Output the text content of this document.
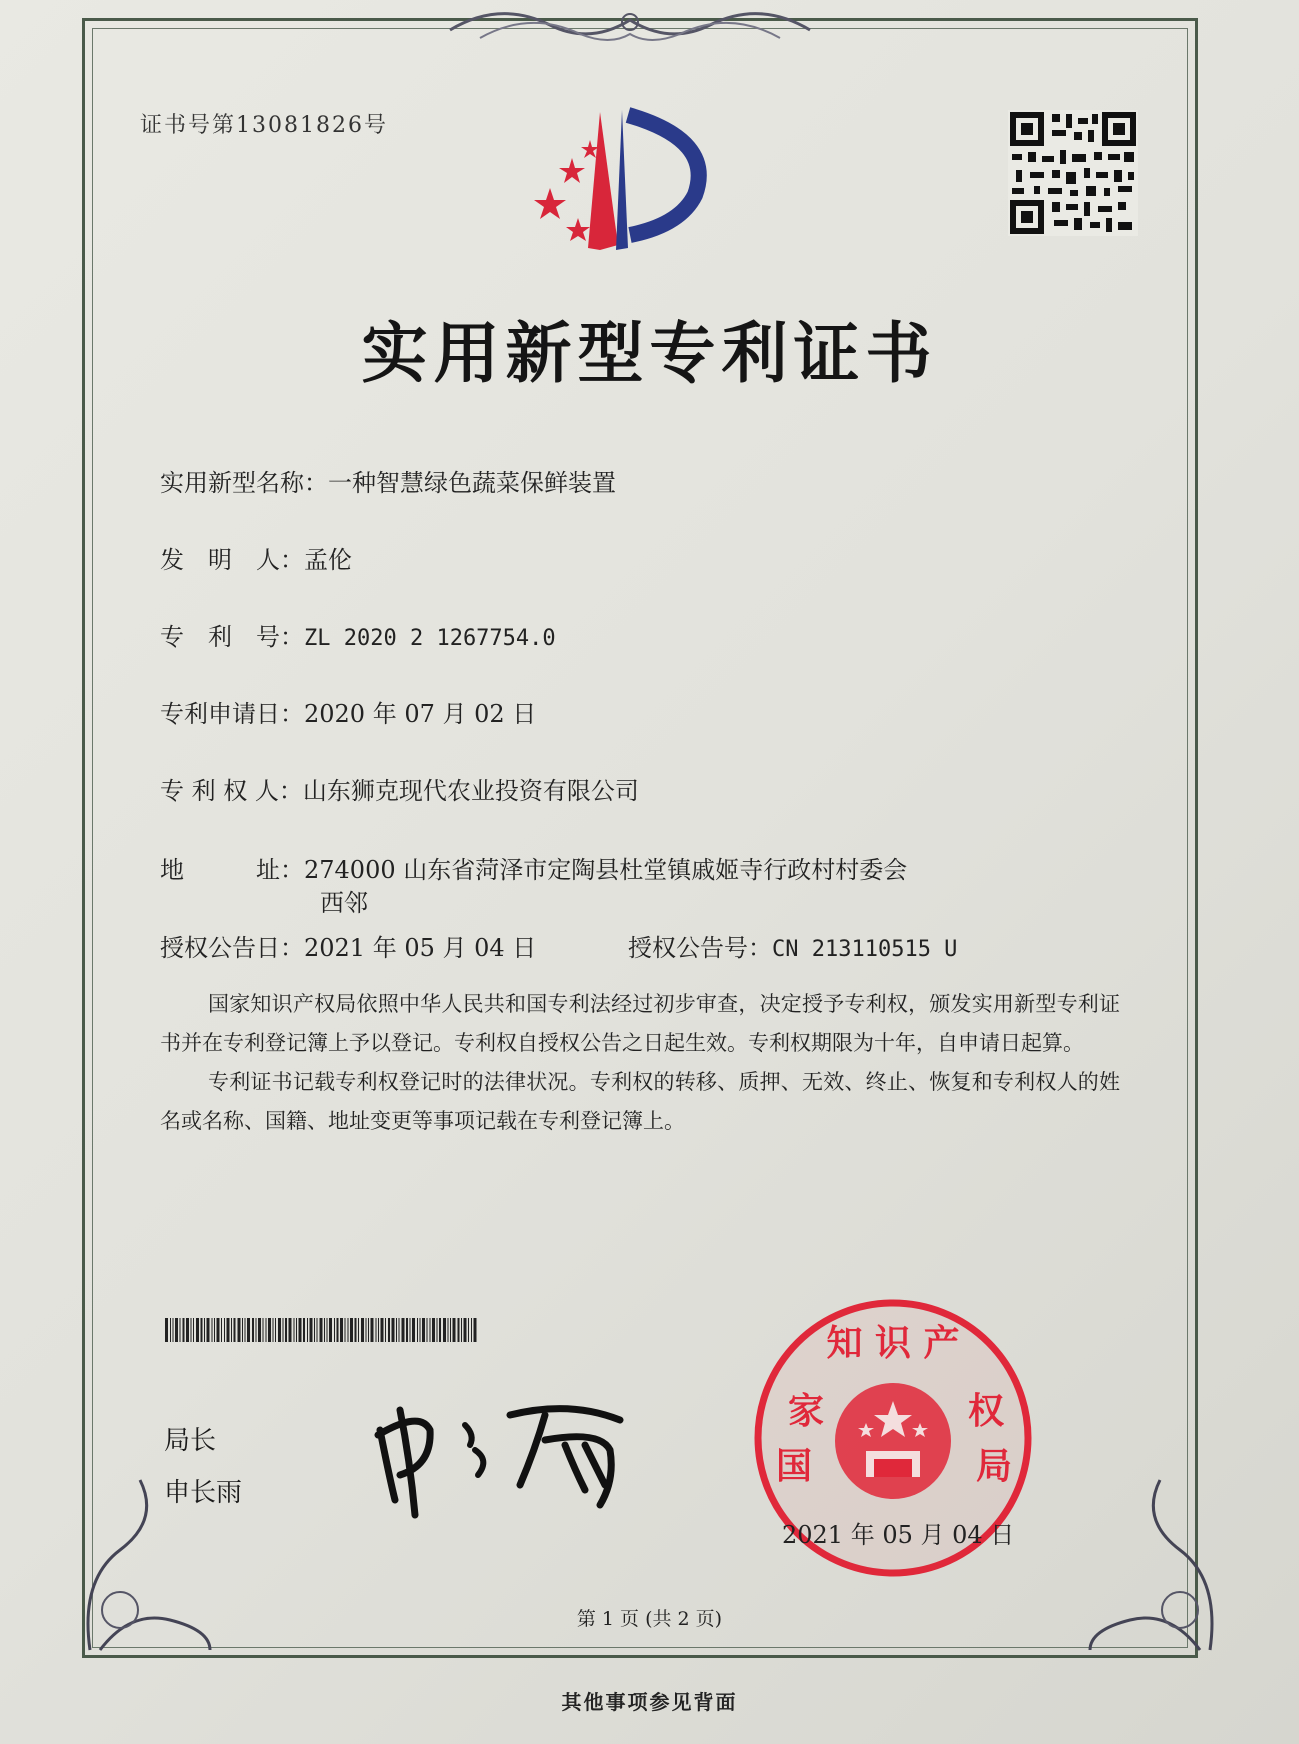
证书号第13081826号
实用新型专利证书
实用新型名称：一种智慧绿色蔬菜保鲜装置
发　明　人：孟伦
专　利　号：ZL 2020 2 1267754.0
专利申请日：2020 年 07 月 02 日
专 利 权 人：山东狮克现代农业投资有限公司
地　　　址：274000 山东省菏泽市定陶县杜堂镇戚姬寺行政村村委会
西邻
授权公告日：2021 年 05 月 04 日	授权公告号：CN 213110515 U

国家知识产权局依照中华人民共和国专利法经过初步审查，决定授予专利权，颁发实用新型专利证书并在专利登记簿上予以登记。专利权自授权公告之日起生效。专利权期限为十年，自申请日起算。

专利证书记载专利权登记时的法律状况。专利权的转移、质押、无效、终止、恢复和专利权人的姓名或名称、国籍、地址变更等事项记载在专利登记簿上。

局长
申长雨
知 识 产
家
国
权
局
2021 年 05 月 04 日
第 1 页 (共 2 页)
其他事项参见背面
